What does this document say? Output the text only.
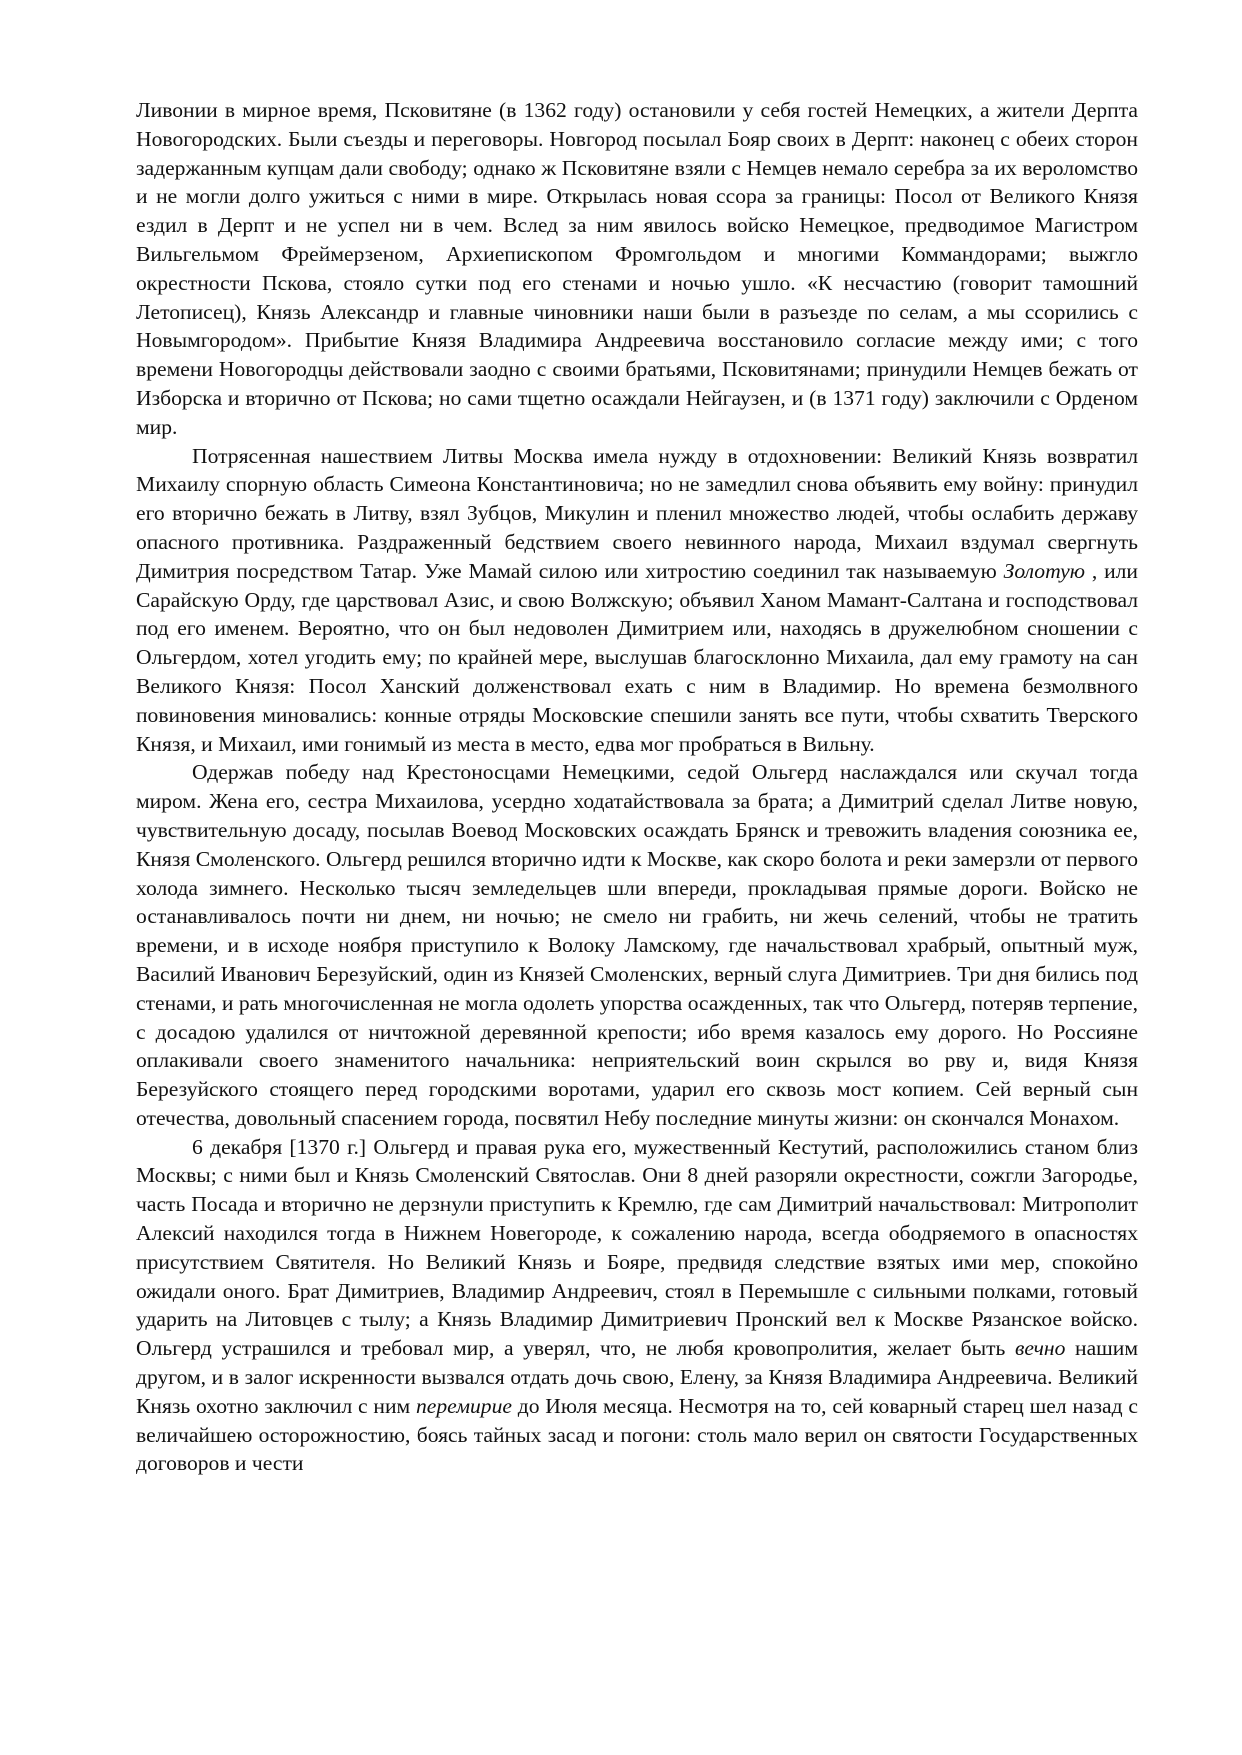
Ливонии в мирное время, Псковитяне (в 1362 году) остановили у себя гостей Немецких, а жители Дерпта Новогородских. Были съезды и переговоры. Новгород посылал Бояр своих в Дерпт: наконец с обеих сторон задержанным купцам дали свободу; однако ж Псковитяне взяли с Немцев немало серебра за их вероломство и не могли долго ужиться с ними в мире. Открылась новая ссора за границы: Посол от Великого Князя ездил в Дерпт и не успел ни в чем. Вслед за ним явилось войско Немецкое, предводимое Магистром Вильгельмом Фреймерзеном, Архиепископом Фромгольдом и многими Коммандорами; выжгло окрестности Пскова, стояло сутки под его стенами и ночью ушло. «К несчастию (говорит тамошний Летописец), Князь Александр и главные чиновники наши были в разъезде по селам, а мы ссорились с Новымгородом». Прибытие Князя Владимира Андреевича восстановило согласие между ими; с того времени Новогородцы действовали заодно с своими братьями, Псковитянами; принудили Немцев бежать от Изборска и вторично от Пскова; но сами тщетно осаждали Нейгаузен, и (в 1371 году) заключили с Орденом мир.

Потрясенная нашествием Литвы Москва имела нужду в отдохновении: Великий Князь возвратил Михаилу спорную область Симеона Константиновича; но не замедлил снова объявить ему войну: принудил его вторично бежать в Литву, взял Зубцов, Микулин и пленил множество людей, чтобы ослабить державу опасного противника. Раздраженный бедствием своего невинного народа, Михаил вздумал свергнуть Димитрия посредством Татар. Уже Мамай силою или хитростию соединил так называемую Золотую , или Сарайскую Орду, где царствовал Азис, и свою Волжскую; объявил Ханом Мамант-Салтана и господствовал под его именем. Вероятно, что он был недоволен Димитрием или, находясь в дружелюбном сношении с Ольгердом, хотел угодить ему; по крайней мере, выслушав благосклонно Михаила, дал ему грамоту на сан Великого Князя: Посол Ханский долженствовал ехать с ним в Владимир. Но времена безмолвного повиновения миновались: конные отряды Московские спешили занять все пути, чтобы схватить Тверского Князя, и Михаил, ими гонимый из места в место, едва мог пробраться в Вильну.

Одержав победу над Крестоносцами Немецкими, седой Ольгерд наслаждался или скучал тогда миром. Жена его, сестра Михаилова, усердно ходатайствовала за брата; а Димитрий сделал Литве новую, чувствительную досаду, посылав Воевод Московских осаждать Брянск и тревожить владения союзника ее, Князя Смоленского. Ольгерд решился вторично идти к Москве, как скоро болота и реки замерзли от первого холода зимнего. Несколько тысяч земледельцев шли впереди, прокладывая прямые дороги. Войско не останавливалось почти ни днем, ни ночью; не смело ни грабить, ни жечь селений, чтобы не тратить времени, и в исходе ноября приступило к Волоку Ламскому, где начальствовал храбрый, опытный муж, Василий Иванович Березуйский, один из Князей Смоленских, верный слуга Димитриев. Три дня бились под стенами, и рать многочисленная не могла одолеть упорства осажденных, так что Ольгерд, потеряв терпение, с досадою удалился от ничтожной деревянной крепости; ибо время казалось ему дорого. Но Россияне оплакивали своего знаменитого начальника: неприятельский воин скрылся во рву и, видя Князя Березуйского стоящего перед городскими воротами, ударил его сквозь мост копием. Сей верный сын отечества, довольный спасением города, посвятил Небу последние минуты жизни: он скончался Монахом.

6 декабря [1370 г.] Ольгерд и правая рука его, мужественный Кестутий, расположились станом близ Москвы; с ними был и Князь Смоленский Святослав. Они 8 дней разоряли окрестности, сожгли Загородье, часть Посада и вторично не дерзнули приступить к Кремлю, где сам Димитрий начальствовал: Митрополит Алексий находился тогда в Нижнем Новегороде, к сожалению народа, всегда ободряемого в опасностях присутствием Святителя. Но Великий Князь и Бояре, предвидя следствие взятых ими мер, спокойно ожидали оного. Брат Димитриев, Владимир Андреевич, стоял в Перемышле с сильными полками, готовый ударить на Литовцев с тылу; а Князь Владимир Димитриевич Пронский вел к Москве Рязанское войско. Ольгерд устрашился и требовал мир, а уверял, что, не любя кровопролития, желает быть вечно нашим другом, и в залог искренности вызвался отдать дочь свою, Елену, за Князя Владимира Андреевича. Великий Князь охотно заключил с ним перемирие до Июля месяца. Несмотря на то, сей коварный старец шел назад с величайшею осторожностию, боясь тайных засад и погони: столь мало верил он святости Государственных договоров и чести
